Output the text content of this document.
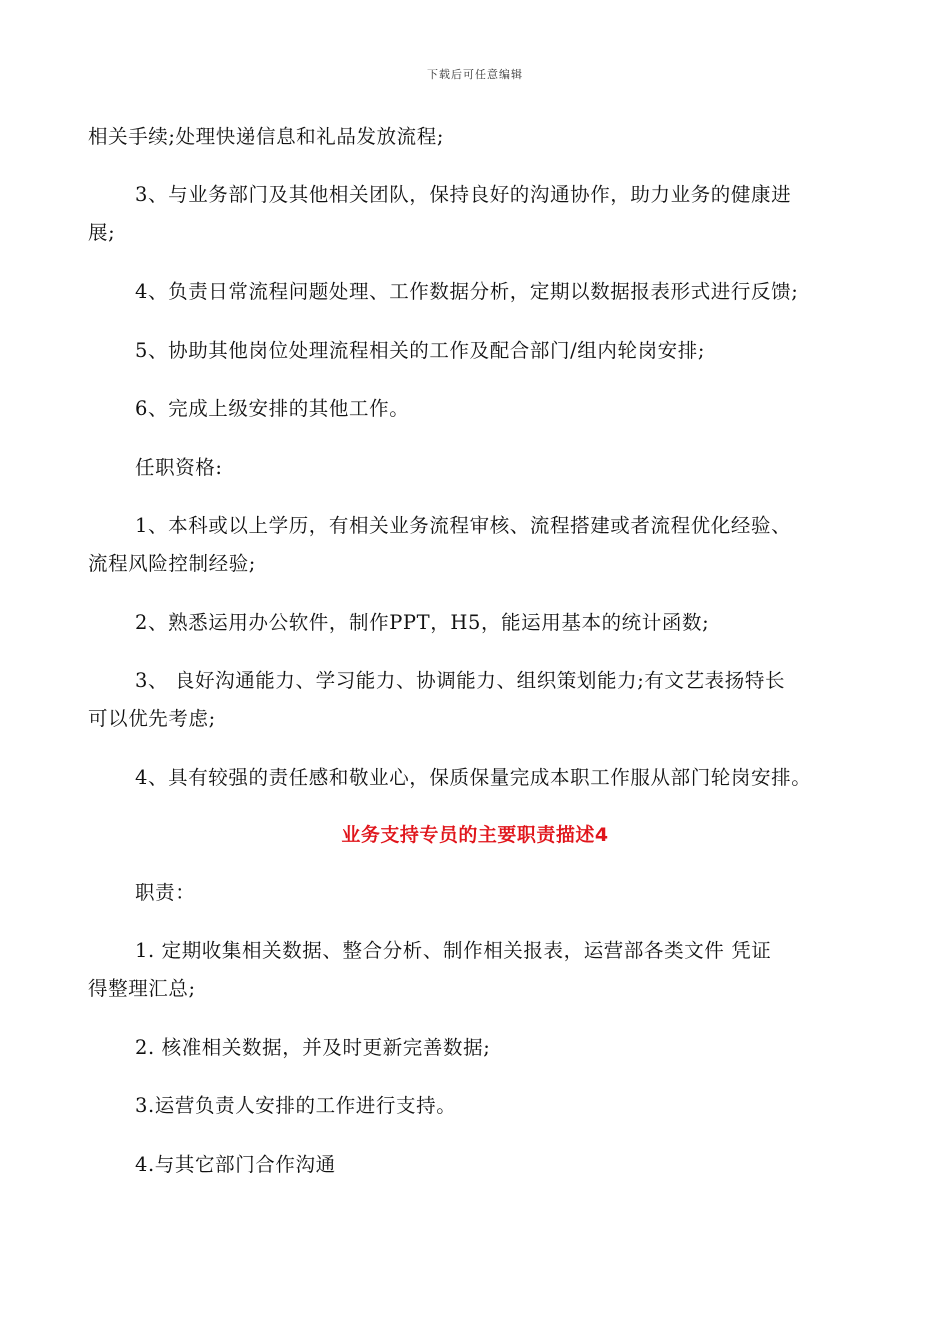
下载后可任意编辑
相关手续;处理快递信息和礼品发放流程;
3、与业务部门及其他相关团队，保持良好的沟通协作，助力业务的健康进
展;
4、负责日常流程问题处理、工作数据分析，定期以数据报表形式进行反馈;
5、协助其他岗位处理流程相关的工作及配合部门/组内轮岗安排;
6、完成上级安排的其他工作。
任职资格:
1、本科或以上学历，有相关业务流程审核、流程搭建或者流程优化经验、
流程风险控制经验;
2、熟悉运用办公软件，制作PPT，H5，能运用基本的统计函数;
3、 良好沟通能力、学习能力、协调能力、组织策划能力;有文艺表扬特长
可以优先考虑;
4、具有较强的责任感和敬业心，保质保量完成本职工作服从部门轮岗安排。
业务支持专员的主要职责描述4
职责：
1. 定期收集相关数据、整合分析、制作相关报表，运营部各类文件 凭证
得整理汇总;
2. 核准相关数据，并及时更新完善数据;
3.运营负责人安排的工作进行支持。
4.与其它部门合作沟通
